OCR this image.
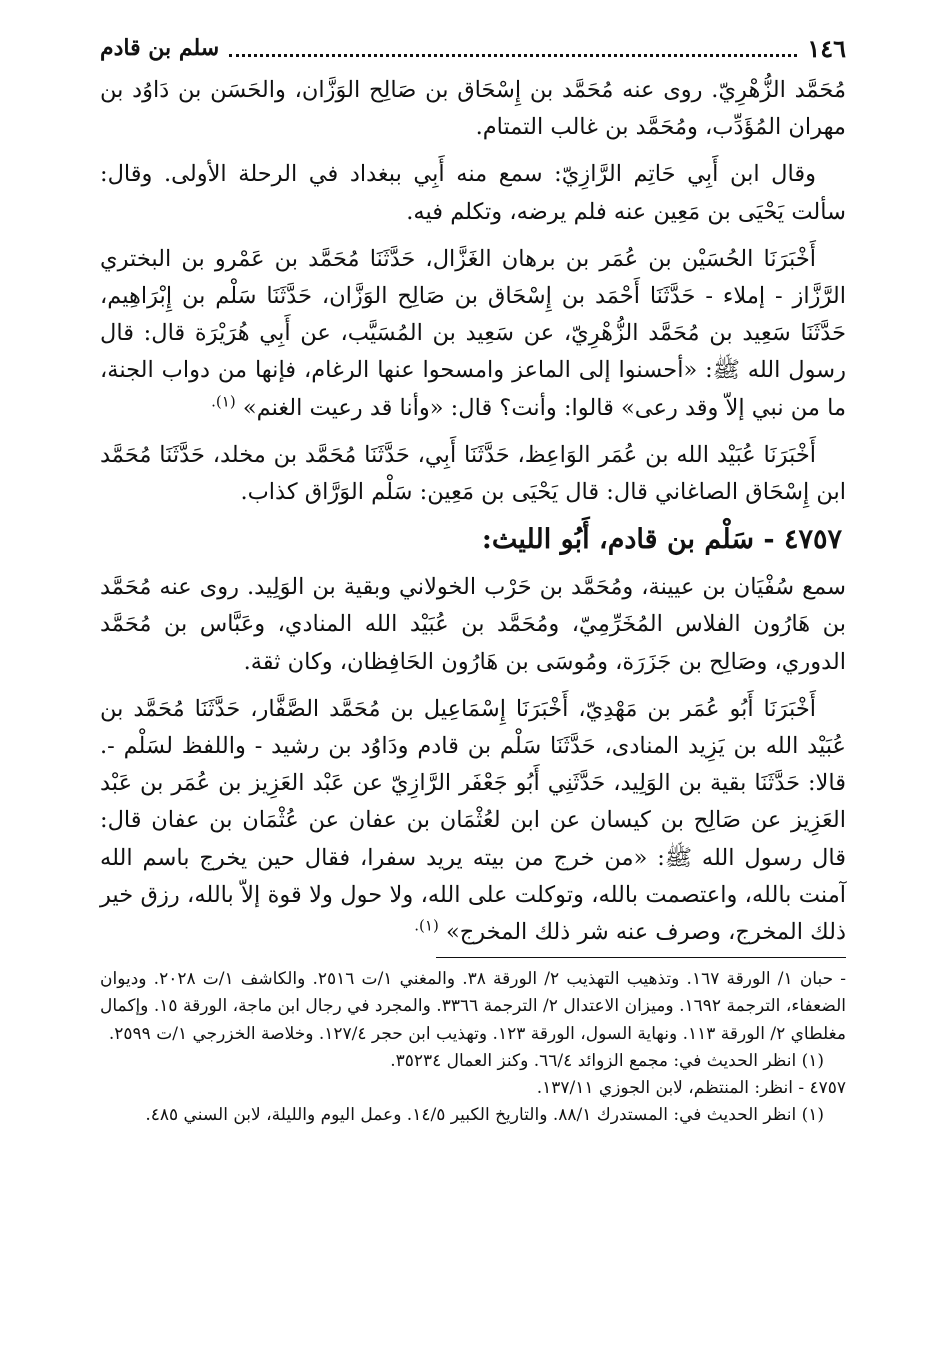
١٤٦
سلم بن قادم

مُحَمَّد الزُّهْرِيّ. روى عنه مُحَمَّد بن إِسْحَاق بن صَالِح الوَزَّان، والحَسَن بن دَاوُد بن مهران المُؤَدِّب، ومُحَمَّد بن غالب التمتام.

وقال ابن أَبِي حَاتِم الرَّازِيّ: سمع منه أَبِي ببغداد في الرحلة الأولى. وقال: سألت يَحْيَى بن مَعِين عنه فلم يرضه، وتكلم فيه.

أَخْبَرَنَا الحُسَيْن بن عُمَر بن برهان الغَزَّال، حَدَّثَنَا مُحَمَّد بن عَمْرو بن البختري الرَّزَّاز - إملاء - حَدَّثَنَا أَحْمَد بن إِسْحَاق بن صَالِح الوَزَّان، حَدَّثَنَا سَلْم بن إِبْرَاهِيم، حَدَّثَنَا سَعِيد بن مُحَمَّد الزُّهْرِيّ، عن سَعِيد بن المُسَيَّب، عن أَبِي هُرَيْرَة قال: قال رسول الله ﷺ: «أحسنوا إلى الماعز وامسحوا عنها الرغام، فإنها من دواب الجنة، ما من نبي إلاّ وقد رعى» قالوا: وأنت؟ قال: «وأنا قد رعيت الغنم» $^{(١).}$

أَخْبَرَنَا عُبَيْد الله بن عُمَر الوَاعِظ، حَدَّثَنَا أَبِي، حَدَّثَنَا مُحَمَّد بن مخلد، حَدَّثَنَا مُحَمَّد ابن إِسْحَاق الصاغاني قال: قال يَحْيَى بن مَعِين: سَلْم الوَرَّاق كذاب.

٤٧٥٧ - سَلْم بن قادم، أَبُو الليث:

سمع سُفْيَان بن عيينة، ومُحَمَّد بن حَرْب الخولاني وبقية بن الوَلِيد. روى عنه مُحَمَّد بن هَارُون الفلاس المُخَرِّمِيّ، ومُحَمَّد بن عُبَيْد الله المنادي، وعَبَّاس بن مُحَمَّد الدوري، وصَالِح بن جَزَرَة، ومُوسَى بن هَارُون الحَافِظان، وكان ثقة.

أَخْبَرَنَا أَبُو عُمَر بن مَهْدِيّ، أَخْبَرَنَا إِسْمَاعِيل بن مُحَمَّد الصَّفَّار، حَدَّثَنَا مُحَمَّد بن عُبَيْد الله بن يَزِيد المنادى، حَدَّثَنَا سَلْم بن قادم ودَاوُد بن رشيد - واللفظ لسَلْم -. قالا: حَدَّثَنَا بقية بن الوَلِيد، حَدَّثَنِي أَبُو جَعْفَر الرَّازِيّ عن عَبْد العَزِيز بن عُمَر بن عَبْد العَزِيز عن صَالِح بن كيسان عن ابن لعُثْمَان بن عفان عن عُثْمَان بن عفان قال: قال رسول الله ﷺ: «من خرج من بيته يريد سفرا، فقال حين يخرج باسم الله آمنت بالله، واعتصمت بالله، وتوكلت على الله، ولا حول ولا قوة إلاّ بالله، رزق خير ذلك المخرج، وصرف عنه شر ذلك المخرج» $^{(١).}$

- حبان ١/ الورقة ١٦٧. وتذهيب التهذيب ٢/ الورقة ٣٨. والمغني ١/ت ٢٥١٦. والكاشف ١/ت ٢٠٢٨. وديوان الضعفاء، الترجمة ١٦٩٢. وميزان الاعتدال ٢/ الترجمة ٣٣٦٦. والمجرد في رجال ابن ماجة، الورقة ١٥. وإكمال مغلطاي ٢/ الورقة ١١٣. ونهاية السول، الورقة ١٢٣. وتهذيب ابن حجر ١٢٧/٤. وخلاصة الخزرجي ١/ت ٢٥٩٩.

(١) انظر الحديث في: مجمع الزوائد ٦٦/٤. وكنز العمال ٣٥٢٣٤.

٤٧٥٧ - انظر: المنتظم، لابن الجوزي ١٣٧/١١.

(١) انظر الحديث في: المستدرك ٨٨/١. والتاريخ الكبير ١٤/٥. وعمل اليوم والليلة، لابن السني ٤٨٥.
